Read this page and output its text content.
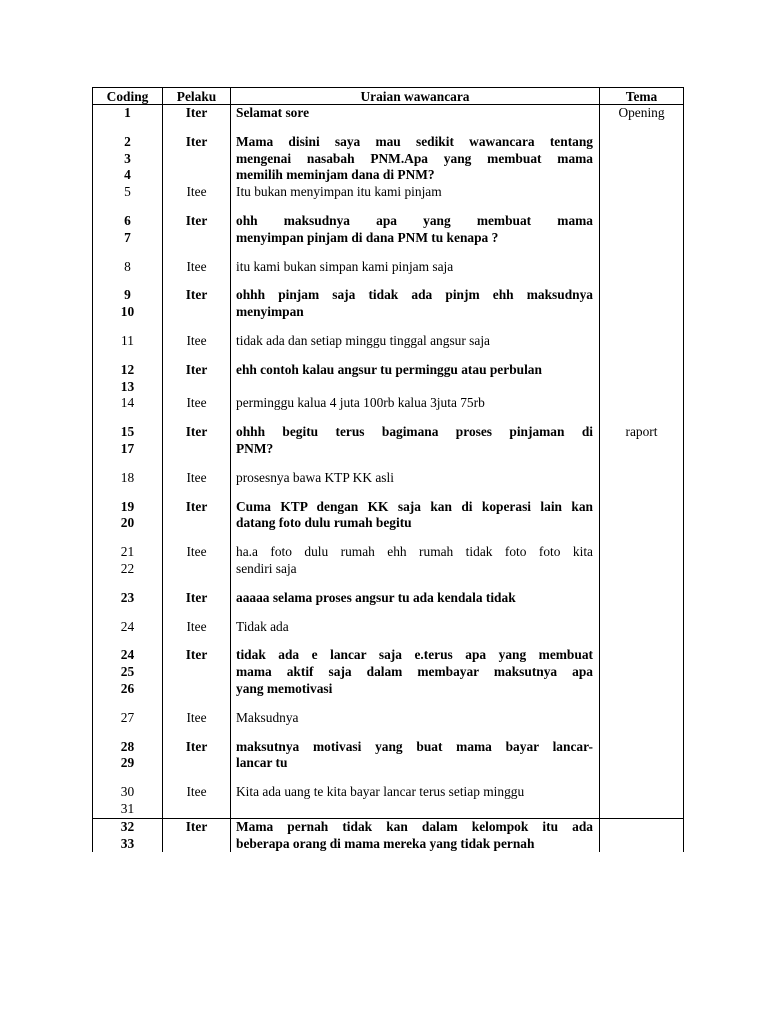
Coding	Pelaku	Uraian wawancara	Tema

1	Iter	Selamat sore	Opening

2
3
4	Iter	Mama disini saya mau sedikit wawancara tentang
mengenai nasabah PNM.Apa yang membuat mama
memilih meminjam dana di PNM?	

5	Itee	Itu bukan menyimpan itu kami pinjam	

6
7	Iter	ohh maksudnya apa yang membuat mama
menyimpan pinjam di dana PNM tu kenapa ?	

8	Itee	itu kami bukan simpan kami pinjam saja	

9
10	Iter	ohhh pinjam saja tidak ada pinjm ehh maksudnya
menyimpan	

11	Itee	tidak ada dan setiap minggu tinggal angsur saja	

12
13	Iter	ehh contoh kalau angsur tu perminggu atau perbulan	

14	Itee	perminggu kalua 4 juta 100rb kalua 3juta 75rb	

15
17	Iter	ohhh begitu terus bagimana proses pinjaman di
PNM?	raport

18	Itee	prosesnya bawa KTP KK asli	

19
20	Iter	Cuma KTP dengan KK saja kan di koperasi lain kan
datang foto dulu rumah begitu	

21
22	Itee	ha.a foto dulu rumah ehh rumah tidak foto foto kita
sendiri saja	

23	Iter	aaaaa selama proses angsur tu ada kendala tidak	

24	Itee	Tidak ada	

24
25
26	Iter	tidak ada e lancar saja e.terus apa yang membuat
mama aktif saja dalam membayar maksutnya apa
yang memotivasi	

27	Itee	Maksudnya	

28
29	Iter	maksutnya motivasi yang buat mama bayar lancar-
lancar tu	

30
31	Itee	Kita ada uang te kita bayar lancar terus setiap minggu	

32
33	Iter	Mama pernah tidak kan dalam kelompok itu ada
beberapa orang di mama mereka yang tidak pernah	
